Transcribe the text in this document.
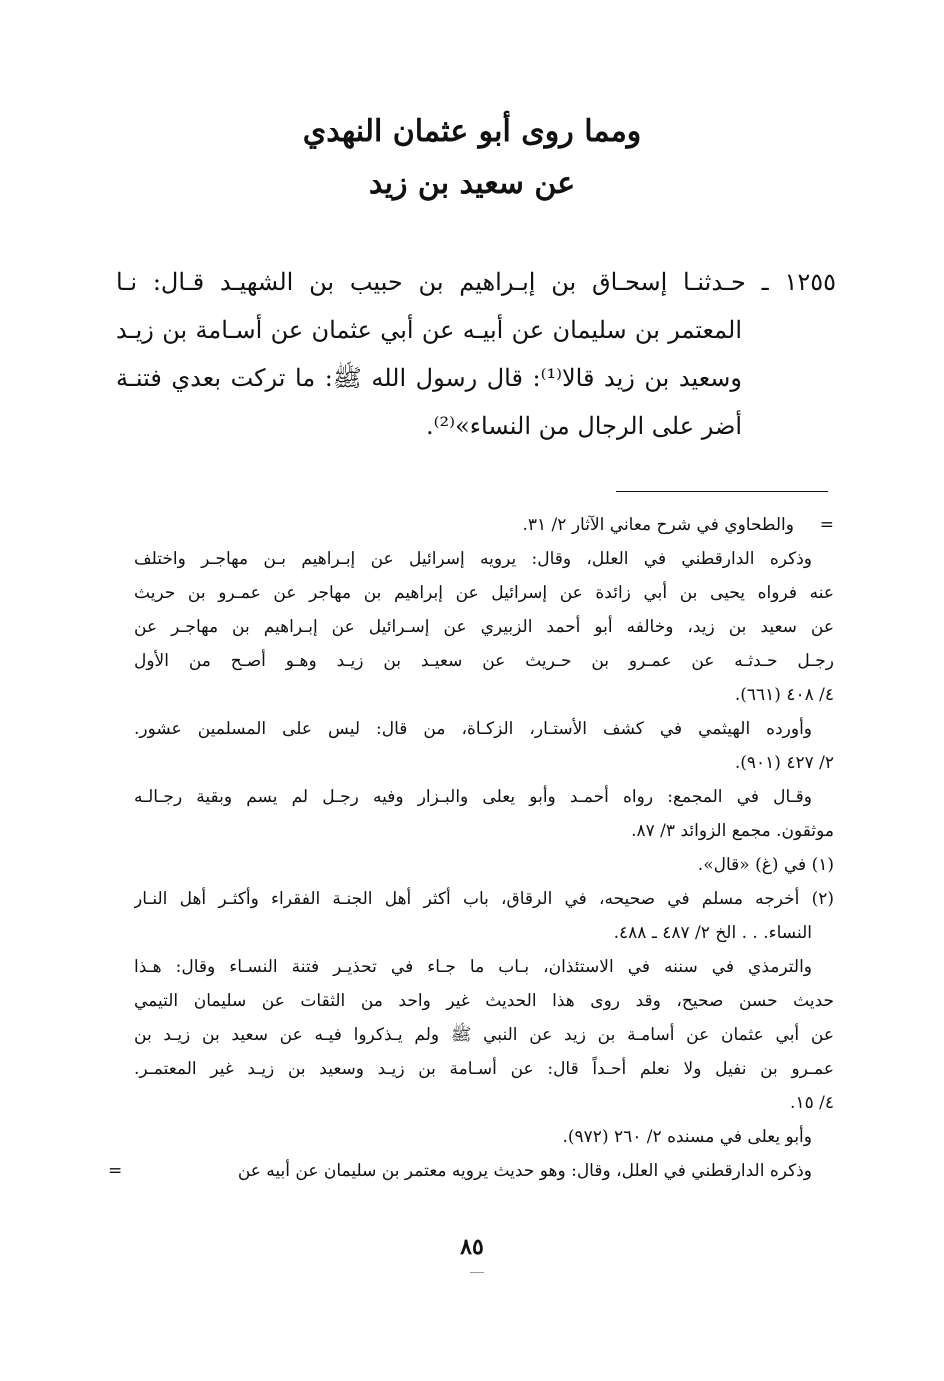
ومما روى أبو عثمان النهدي
عن سعيد بن زيد
١٢٥٥ ـ حـدثنـا إسحـاق بن إبـراهيم بن حبيب بن الشهيـد قـال: نـا
المعتمر بن سليمان عن أبيـه عن أبي عثمان عن أسـامة بن زيـد
وسعيد بن زيد قالا⁽¹⁾: قال رسول الله ﷺ: ما تركت بعدي فتنـة
أضر على الرجال من النساء»⁽²⁾.
=
والطحاوي في شرح معاني الآثار ٢/ ٣١.
وذكره الدارقطني في العلل، وقال: يرويه إسرائيل عن إبـراهيم بـن مهاجـر واختلف
عنه فرواه يحيى بن أبي زائدة عن إسرائيل عن إبراهيم بن مهاجر عن عمـرو بن حريث
عن سعيد بن زيد، وخالفه أبو أحمد الزبيري عن إسـرائيل عن إبـراهيم بن مهاجـر عن
رجـل حـدثـه عن عمـرو بن حـريث عن سعيـد بن زيـد وهـو أصـح من الأول
٤/ ٤٠٨ (٦٦١).
وأورده الهيثمي في كشف الأستـار، الزكـاة، من قال: ليس على المسلمين عشور.
٢/ ٤٢٧ (٩٠١).
وقـال في المجمع: رواه أحمـد وأبو يعلى والبـزار وفيه رجـل لم يسم وبقية رجـالـه
موثقون. مجمع الزوائد ٣/ ٨٧.
(١) في (غ) «قال».
(٢) أخرجه مسلم في صحيحه، في الرقاق، باب أكثر أهل الجنـة الفقراء وأكثـر أهل النـار
النساء. . . الخ ٢/ ٤٨٧ ـ ٤٨٨.
والترمذي في سننه في الاستئذان، بـاب ما جـاء في تحذيـر فتنة النسـاء وقال: هـذا
حديث حسن صحيح، وقد روى هذا الحديث غير واحد من الثقات عن سليمان التيمي
عن أبي عثمان عن أسامـة بن زيد عن النبي ﷺ ولم يـذكروا فيـه عن سعيد بن زيـد بن
عمـرو بن نفيل ولا نعلم أحـداً قال: عن أسـامة بن زيـد وسعيد بن زيـد غير المعتمـر.
٤/ ١٥.
وأبو يعلى في مسنده ٢/ ٢٦٠ (٩٧٢).
وذكره الدارقطني في العلل، وقال: وهو حديث يرويه معتمر بن سليمان عن أبيه عن
=
٨٥
